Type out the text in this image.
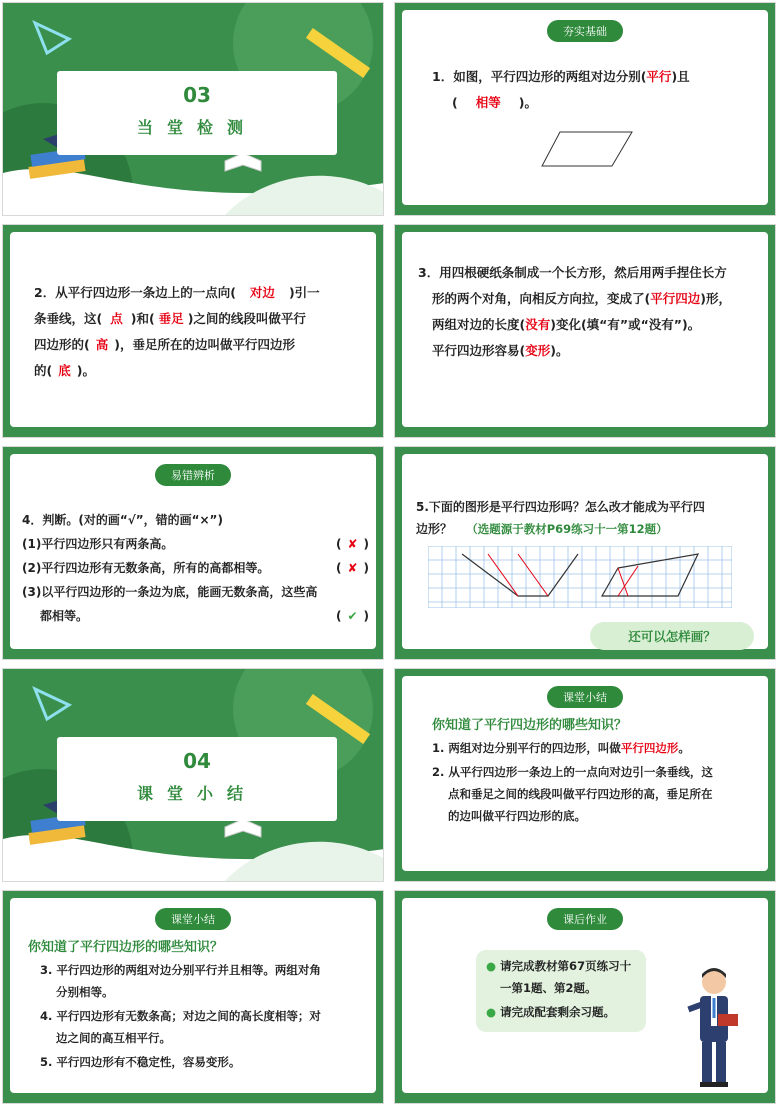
03
当堂检测
夯实基础
1．如图，平行四边形的两组对边分别(平行)且
( 相等 )。
2．从平行四边形一条边上的一点向( 对边 )引一
条垂线，这( 点 )和( 垂足 )之间的线段叫做平行
四边形的( 高 )，垂足所在的边叫做平行四边形
的( 底 )。
3．用四根硬纸条制成一个长方形，然后用两手捏住长方
形的两个对角，向相反方向拉，变成了(平行四边)形，
两组对边的长度(没有)变化(填“有”或“没有”)。
平行四边形容易(变形)。
易错辨析
4．判断。(对的画“√”，错的画“×”)
(1)平行四边形只有两条高。
(2)平行四边形有无数条高，所有的高都相等。
(3)以平行四边形的一条边为底，能画无数条高，这些高
都相等。
( ✘ )
( ✘ )
( ✔ )
5.下面的图形是平行四边形吗？怎么改才能成为平行四
边形？ （选题源于教材P69练习十一第12题）
还可以怎样画？
04
课堂小结
课堂小结
你知道了平行四边形的哪些知识？
1. 两组对边分别平行的四边形，叫做平行四边形。
2. 从平行四边形一条边上的一点向对边引一条垂线，这
点和垂足之间的线段叫做平行四边形的高，垂足所在
的边叫做平行四边形的底。
课堂小结
你知道了平行四边形的哪些知识？
3. 平行四边形的两组对边分别平行并且相等。两组对角
分别相等。
4. 平行四边形有无数条高；对边之间的高长度相等；对
边之间的高互相平行。
5. 平行四边形有不稳定性，容易变形。
课后作业
● 请完成教材第67页练习十
一第1题、第2题。
● 请完成配套剩余习题。
